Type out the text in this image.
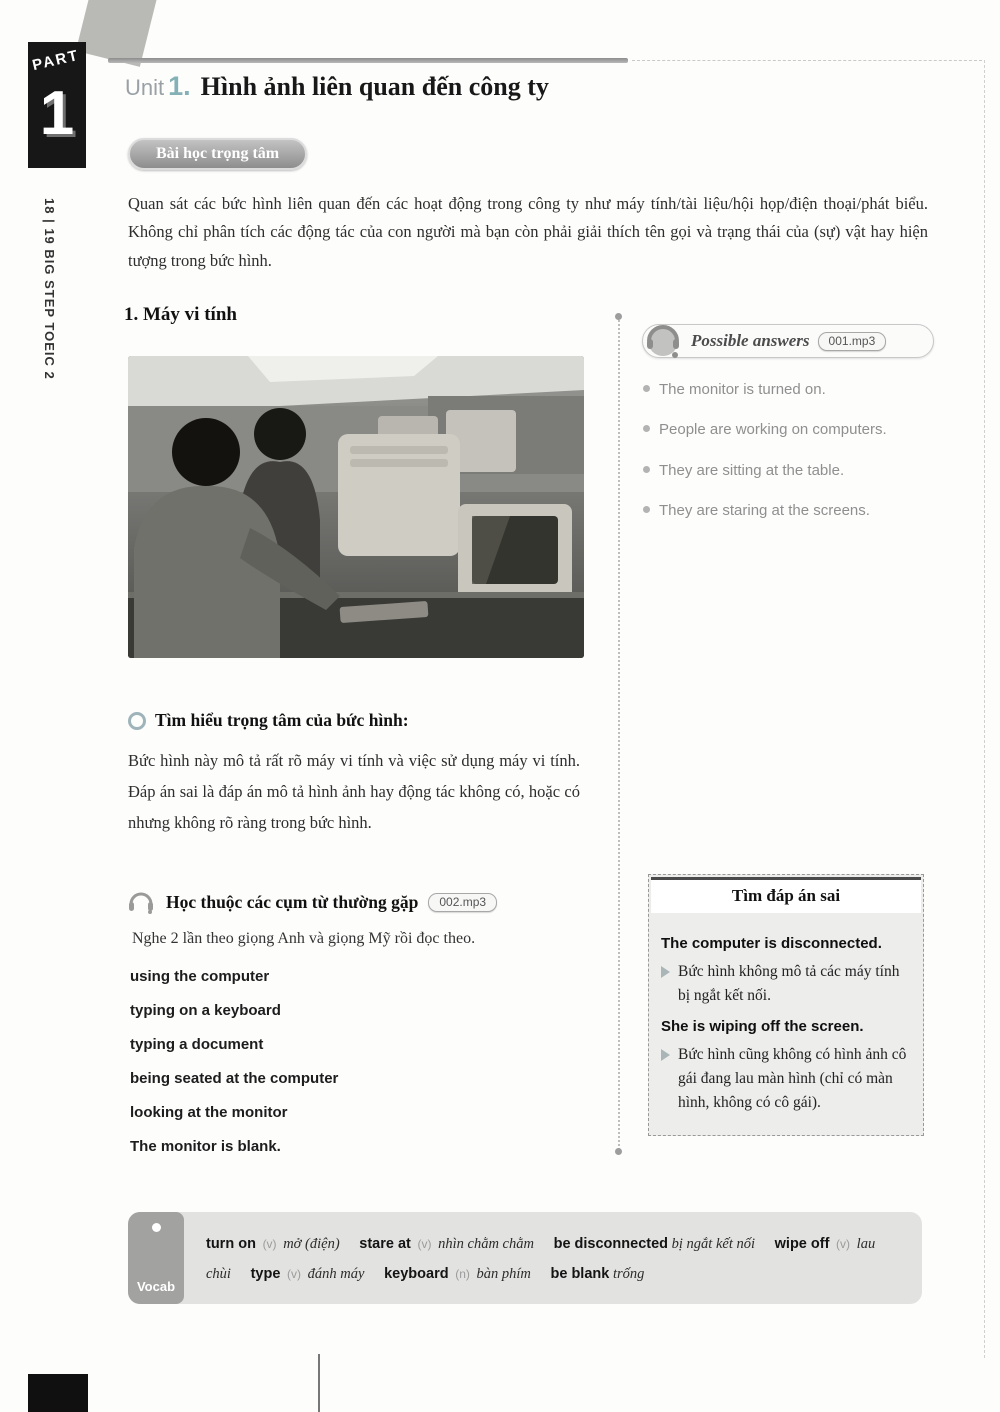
PART
1
18 | 19 BIG STEP TOEIC 2
Unit 1. Hình ảnh liên quan đến công ty
Bài học trọng tâm

Quan sát các bức hình liên quan đến các hoạt động trong công ty như máy tính/tài liệu/hội họp/điện thoại/phát biểu. Không chỉ phân tích các động tác của con người mà bạn còn phải giải thích tên gọi và trạng thái của (sự) vật hay hiện tượng trong bức hình.

1. Máy vi tính
Possible answers	001.mp3
The monitor is turned on.
People are working on computers.
They are sitting at the table.
They are staring at the screens.
Tìm hiểu trọng tâm của bức hình:

Bức hình này mô tả rất rõ máy vi tính và việc sử dụng máy vi tính. Đáp án sai là đáp án mô tả hình ảnh hay động tác không có, hoặc có nhưng không rõ ràng trong bức hình.

Học thuộc các cụm từ thường gặp	002.mp3

Nghe 2 lần theo giọng Anh và giọng Mỹ rồi đọc theo.

using the computer
typing on a keyboard
typing a document
being seated at the computer
looking at the monitor
The monitor is blank.
Tìm đáp án sai

The computer is disconnected.

Bức hình không mô tả các máy tính bị ngắt kết nối.

She is wiping off the screen.

Bức hình cũng không có hình ảnh cô gái đang lau màn hình (chỉ có màn hình, không có cô gái).

Vocab
turn on (v) mở (điện) stare at (v) nhìn chằm chằm be disconnected bị ngắt kết nối wipe off (v) lau chùi type (v) đánh máy keyboard (n) bàn phím be blank trống
